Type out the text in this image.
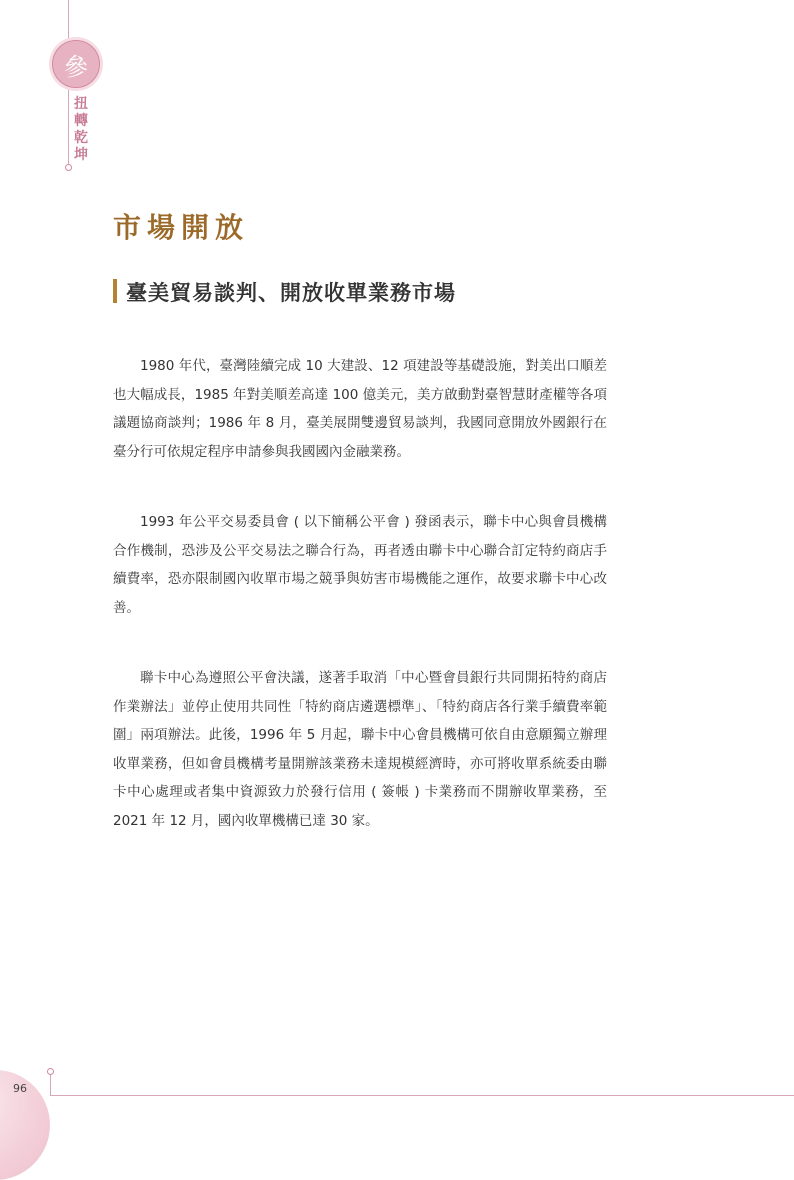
參
扭轉乾坤
市場開放
臺美貿易談判、開放收單業務市場

1980 年代，臺灣陸續完成 10 大建設、12 項建設等基礎設施，對美出口順差也大幅成長，1985 年對美順差高達 100 億美元，美方啟動對臺智慧財產權等各項議題協商談判；1986 年 8 月，臺美展開雙邊貿易談判，我國同意開放外國銀行在臺分行可依規定程序申請參與我國國內金融業務。

1993 年公平交易委員會 ( 以下簡稱公平會 ) 發函表示，聯卡中心與會員機構合作機制，恐涉及公平交易法之聯合行為，再者透由聯卡中心聯合訂定特約商店手續費率，恐亦限制國內收單市場之競爭與妨害市場機能之運作，故要求聯卡中心改善。

聯卡中心為遵照公平會決議，遂著手取消「中心暨會員銀行共同開拓特約商店作業辦法」並停止使用共同性「特約商店遴選標準」、「特約商店各行業手續費率範圍」兩項辦法。此後，1996 年 5 月起，聯卡中心會員機構可依自由意願獨立辦理收單業務，但如會員機構考量開辦該業務未達規模經濟時，亦可將收單系統委由聯卡中心處理或者集中資源致力於發行信用 ( 簽帳 ) 卡業務而不開辦收單業務，至 2021 年 12 月，國內收單機構已達 30 家。

96
